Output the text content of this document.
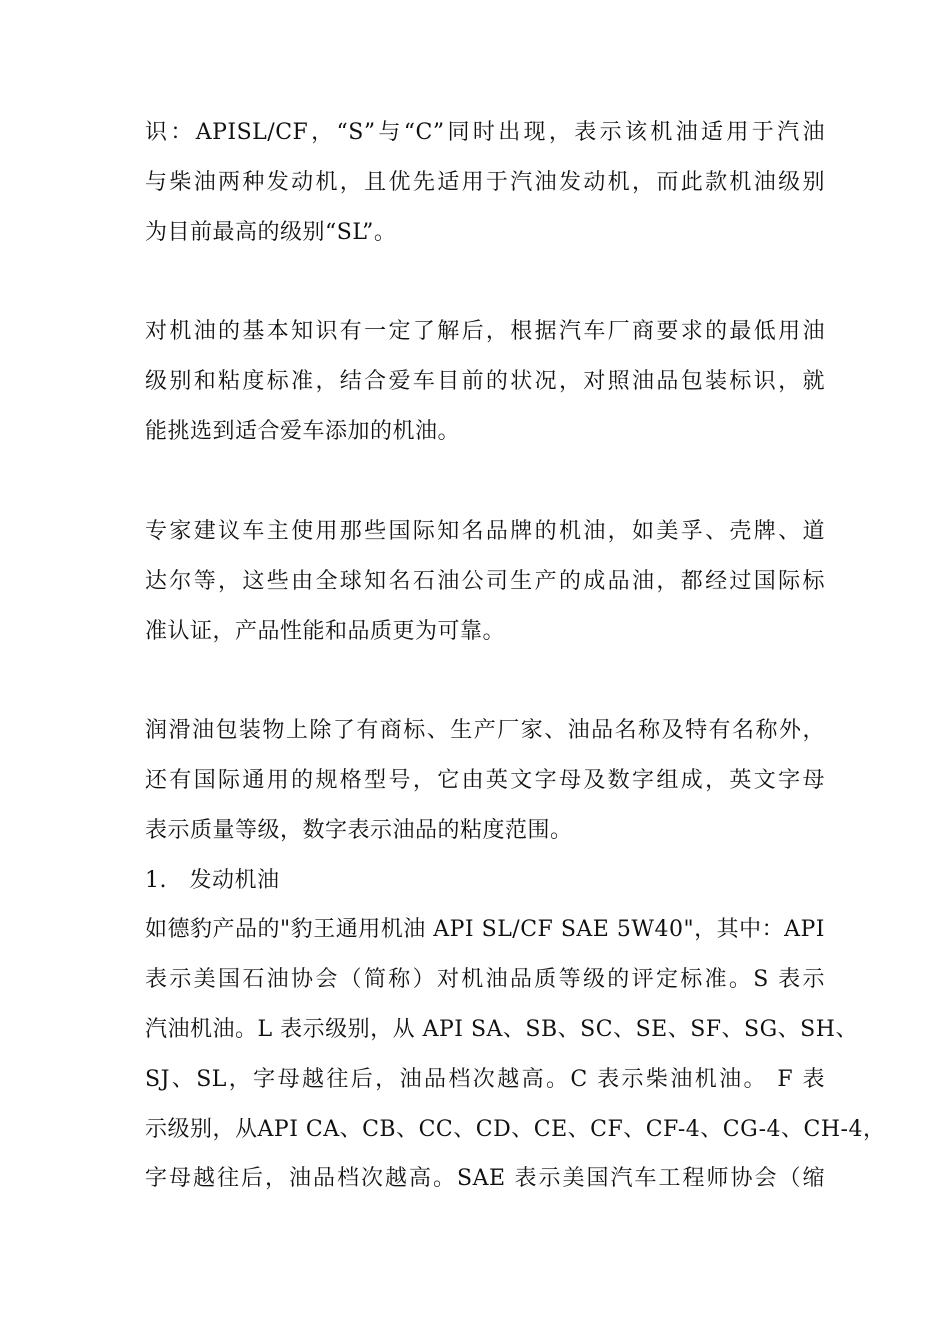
识：APISL/CF，“S”与“C”同时出现，表示该机油适用于汽油
与柴油两种发动机，且优先适用于汽油发动机，而此款机油级别
为目前最高的级别“SL”。
对机油的基本知识有一定了解后，根据汽车厂商要求的最低用油
级别和粘度标准，结合爱车目前的状况，对照油品包装标识，就
能挑选到适合爱车添加的机油。
专家建议车主使用那些国际知名品牌的机油，如美孚、壳牌、道
达尔等，这些由全球知名石油公司生产的成品油，都经过国际标
准认证，产品性能和品质更为可靠。
润滑油包装物上除了有商标、生产厂家、油品名称及特有名称外，
还有国际通用的规格型号，它由英文字母及数字组成，英文字母
表示质量等级，数字表示油品的粘度范围。
1.　发动机油
如德豹产品的"豹王通用机油 API SL/CF SAE 5W40"，其中：API
表示美国石油协会（简称）对机油品质等级的评定标准。S 表示
汽油机油。L 表示级别，从 API SA、SB、SC、SE、SF、SG、SH、
SJ、SL，字母越往后，油品档次越高。C 表示柴油机油。 F 表
示级别，从API CA、CB、CC、CD、CE、CF、CF-4、CG-4、CH-4，
字母越往后，油品档次越高。SAE 表示美国汽车工程师协会（缩
